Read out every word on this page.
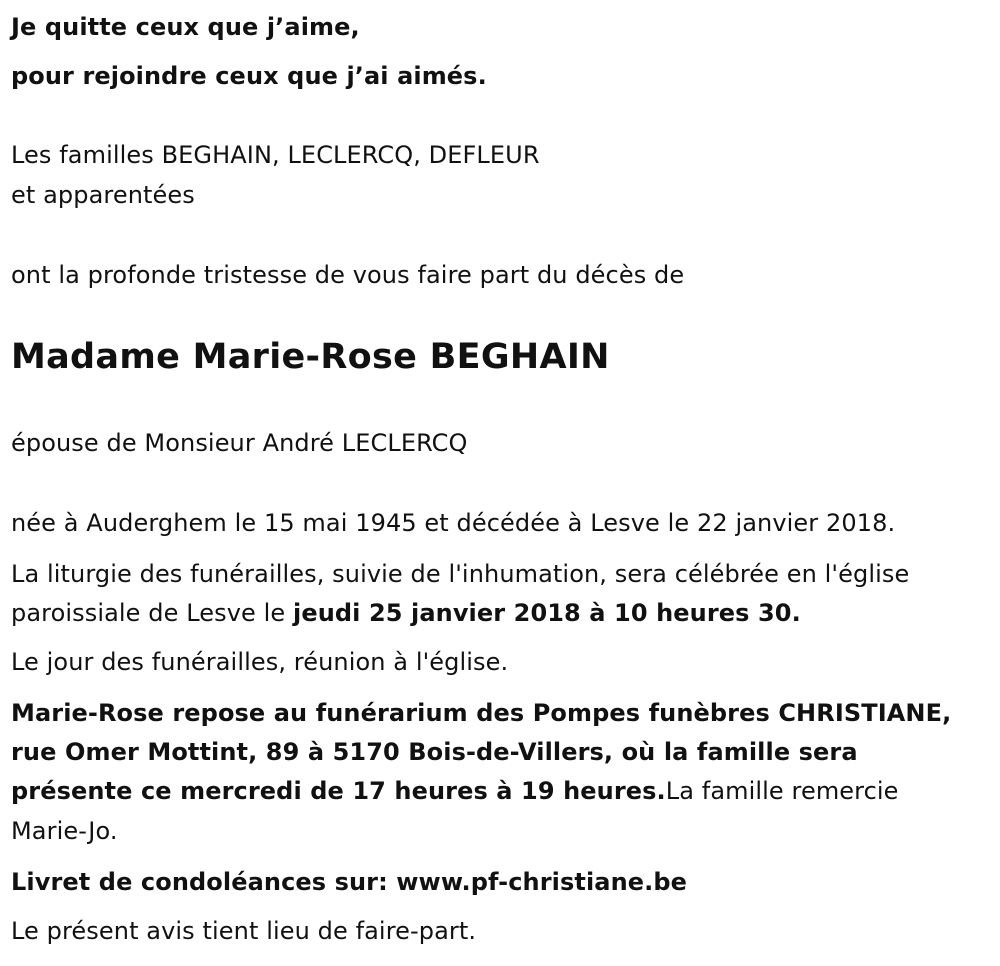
Je quitte ceux que j’aime,

pour rejoindre ceux que j’ai aimés.

Les familles BEGHAIN, LECLERCQ, DEFLEUR

et apparentées

ont la profonde tristesse de vous faire part du décès de

Madame Marie-Rose BEGHAIN

épouse de Monsieur André LECLERCQ

née à Auderghem le 15 mai 1945 et décédée à Lesve le 22 janvier 2018.

La liturgie des funérailles, suivie de l'inhumation, sera célébrée en l'église

paroissiale de Lesve le jeudi 25 janvier 2018 à 10 heures 30.

Le jour des funérailles, réunion à l'église.

Marie-Rose repose au funérarium des Pompes funèbres CHRISTIANE,

rue Omer Mottint, 89 à 5170 Bois-de-Villers, où la famille sera

présente ce mercredi de 17 heures à 19 heures.La famille remercie

Marie-Jo.

Livret de condoléances sur: www.pf-christiane.be

Le présent avis tient lieu de faire-part.
